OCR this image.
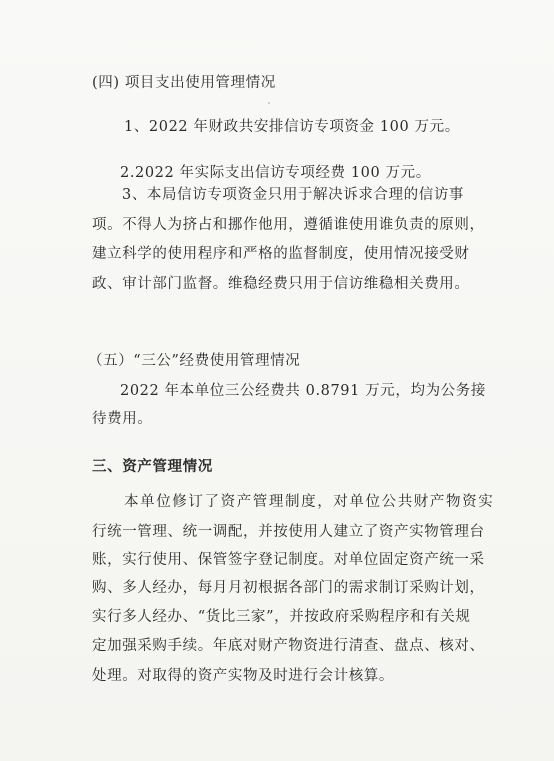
(四) 项目支出使用管理情况
1、2022 年财政共安排信访专项资金 100 万元。
2.2022 年实际支出信访专项经费 100 万元。
3、本局信访专项资金只用于解决诉求合理的信访事
项。不得人为挤占和挪作他用，遵循谁使用谁负责的原则，
建立科学的使用程序和严格的监督制度，使用情况接受财
政、审计部门监督。维稳经费只用于信访维稳相关费用。
（五）“三公”经费使用管理情况
2022 年本单位三公经费共 0.8791 万元，均为公务接
待费用。
三、资产管理情况
本单位修订了资产管理制度，对单位公共财产物资实
行统一管理、统一调配，并按使用人建立了资产实物管理台
账，实行使用、保管签字登记制度。对单位固定资产统一采
购、多人经办，每月月初根据各部门的需求制订采购计划，
实行多人经办、“货比三家”，并按政府采购程序和有关规
定加强采购手续。年底对财产物资进行清查、盘点、核对、
处理。对取得的资产实物及时进行会计核算。
